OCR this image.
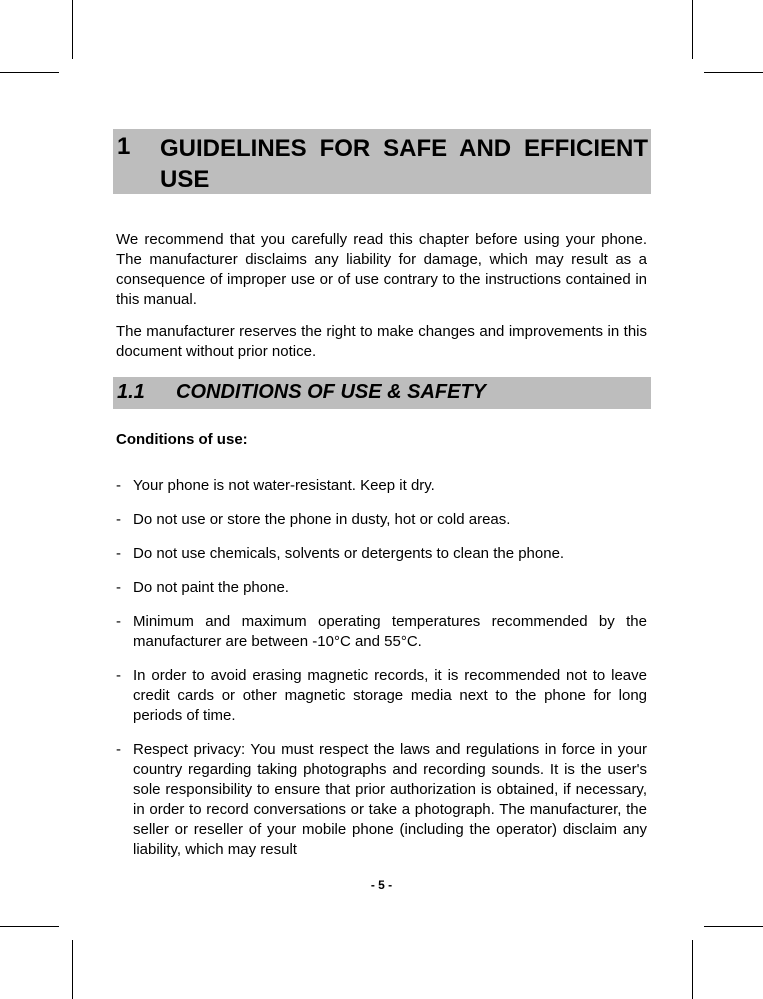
1 GUIDELINES FOR SAFE AND EFFICIENT USE

We recommend that you carefully read this chapter before using your phone. The manufacturer disclaims any liability for damage, which may result as a consequence of improper use or of use contrary to the instructions contained in this manual.

The manufacturer reserves the right to make changes and improvements in this document without prior notice.

1.1 CONDITIONS OF USE & SAFETY
Conditions of use:
- Your phone is not water-resistant. Keep it dry.
- Do not use or store the phone in dusty, hot or cold areas.
- Do not use chemicals, solvents or detergents to clean the phone.
- Do not paint the phone.
- Minimum and maximum operating temperatures recommended by the manufacturer are between -10°C and 55°C.
- In order to avoid erasing magnetic records, it is recommended not to leave credit cards or other magnetic storage media next to the phone for long periods of time.
- Respect privacy: You must respect the laws and regulations in force in your country regarding taking photographs and recording sounds. It is the user's sole responsibility to ensure that prior authorization is obtained, if necessary, in order to record conversations or take a photograph. The manufacturer, the seller or reseller of your mobile phone (including the operator) disclaim any liability, which may result
- 5 -
